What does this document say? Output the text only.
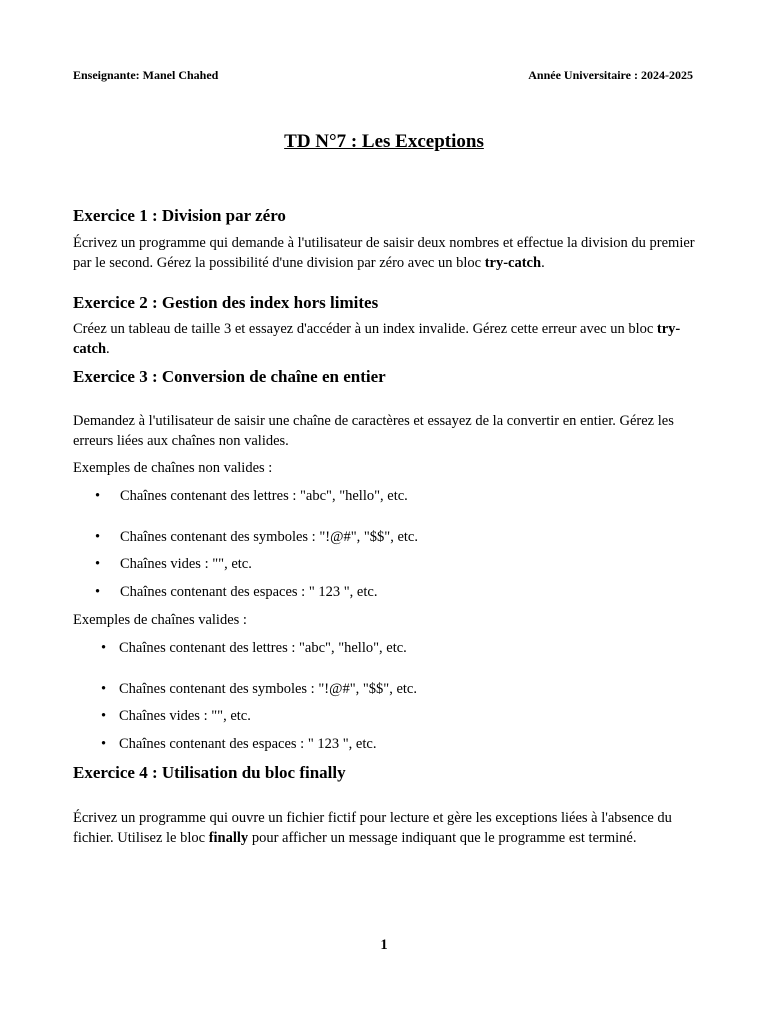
Enseignante: Manel Chahed	Année Universitaire : 2024-2025
TD N°7 : Les Exceptions
Exercice 1 : Division par zéro
Écrivez un programme qui demande à l'utilisateur de saisir deux nombres et effectue la division du premier par le second. Gérez la possibilité d'une division par zéro avec un bloc try-catch.
Exercice 2 : Gestion des index hors limites
Créez un tableau de taille 3 et essayez d'accéder à un index invalide. Gérez cette erreur avec un bloc try-catch.
Exercice 3 : Conversion de chaîne en entier
Demandez à l'utilisateur de saisir une chaîne de caractères et essayez de la convertir en entier. Gérez les erreurs liées aux chaînes non valides.
Exemples de chaînes non valides :
• Chaînes contenant des lettres : "abc", "hello", etc.
• Chaînes contenant des symboles : "!@#", "$$", etc.
• Chaînes vides : "", etc.
• Chaînes contenant des espaces : " 123 ", etc.
Exemples de chaînes valides :
• Chaînes contenant des lettres : "abc", "hello", etc.
• Chaînes contenant des symboles : "!@#", "$$", etc.
• Chaînes vides : "", etc.
• Chaînes contenant des espaces : " 123 ", etc.
Exercice 4 : Utilisation du bloc finally
Écrivez un programme qui ouvre un fichier fictif pour lecture et gère les exceptions liées à l'absence du fichier. Utilisez le bloc finally pour afficher un message indiquant que le programme est terminé.
1
